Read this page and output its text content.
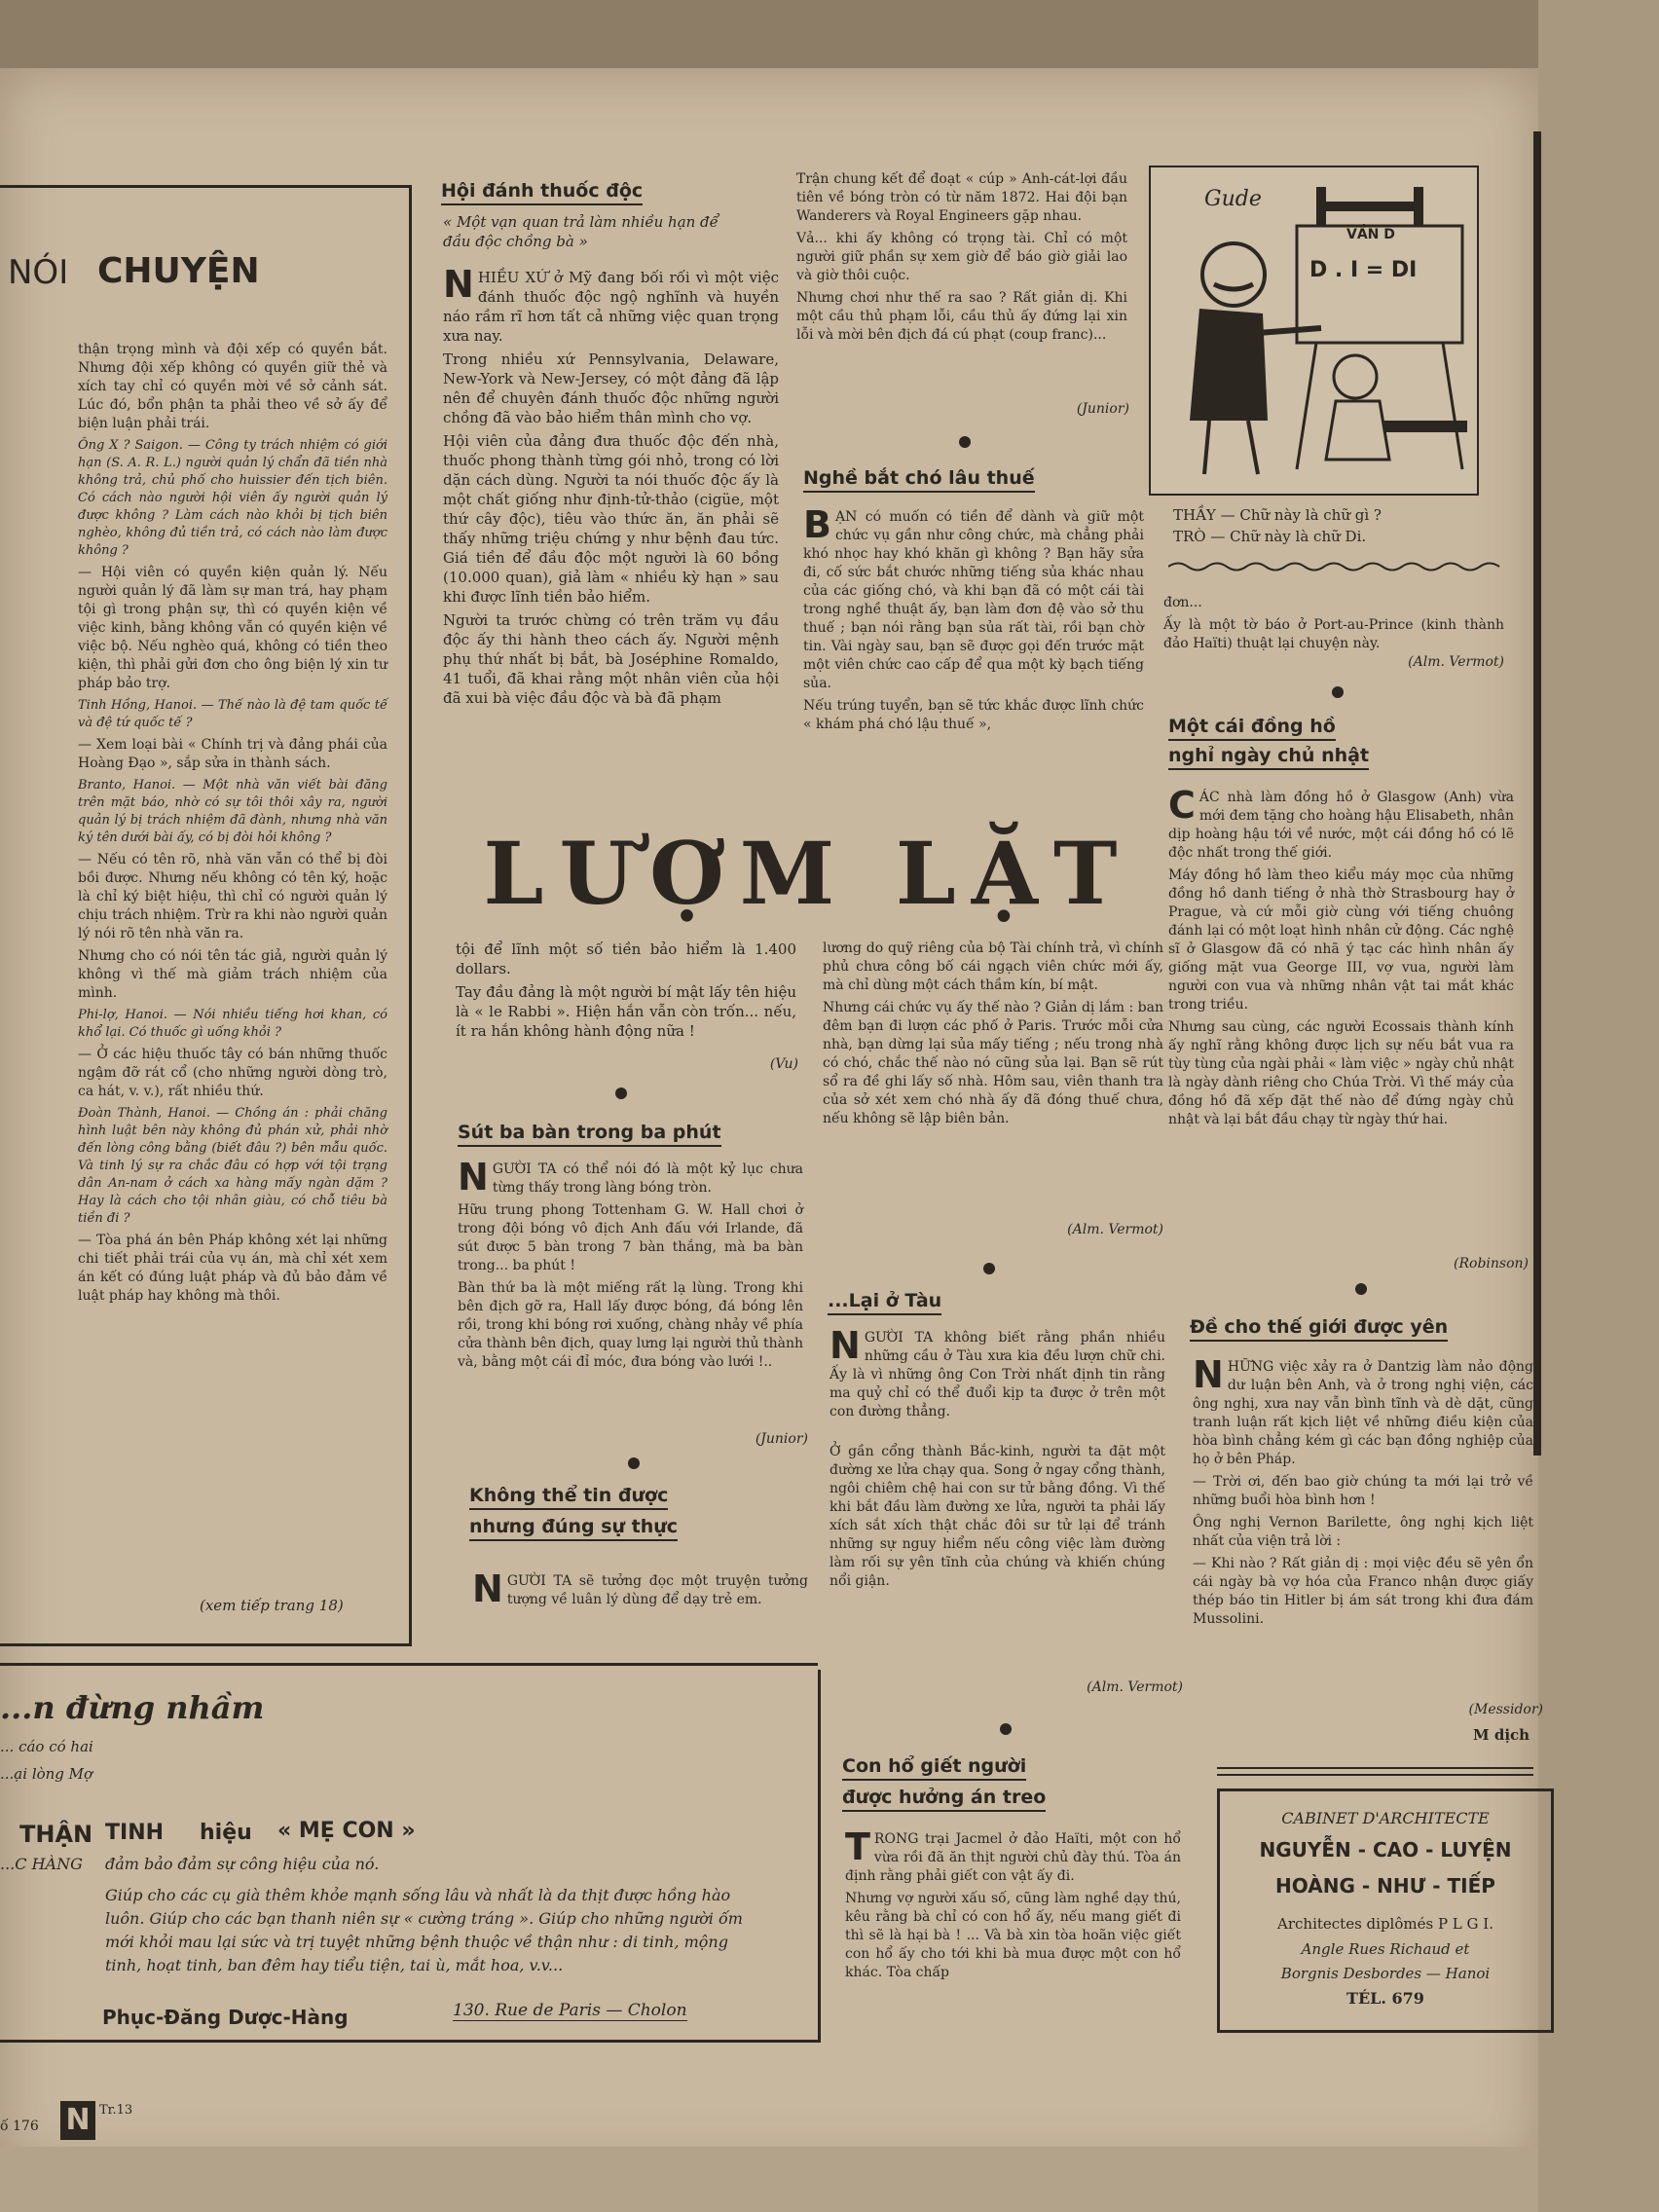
NÓI CHUYỆN

thận trọng mình và đội xếp có quyền bắt. Nhưng đội xếp không có quyền giữ thẻ và xích tay chỉ có quyền mời về sở cảnh sát. Lúc đó, bổn phận ta phải theo về sở ấy để biện luận phải trái.

Ông X ? Saigon. — Công ty trách nhiệm có giới hạn (S. A. R. L.) người quản lý chẩn đã tiền nhà không trả, chủ phố cho huissier đến tịch biên. Có cách nào người hội viên ấy người quản lý được không ? Làm cách nào khỏi bị tịch biên nghèo, không đủ tiền trả, có cách nào làm được không ?

— Hội viên có quyền kiện quản lý. Nếu người quản lý đã làm sự man trá, hay phạm tội gì trong phận sự, thì có quyền kiện về việc kinh, bằng không vẫn có quyền kiện về việc bộ. Nếu nghèo quá, không có tiền theo kiện, thì phải gửi đơn cho ông biện lý xin tư pháp bảo trợ.

Tinh Hồng, Hanoi. — Thế nào là đệ tam quốc tế và đệ tứ quốc tế ?

— Xem loại bài « Chính trị và đảng phái của Hoàng Đạo », sắp sửa in thành sách.

Branto, Hanoi. — Một nhà văn viết bài đăng trên mặt báo, nhờ có sự tôi thôi xây ra, người quản lý bị trách nhiệm đã đành, nhưng nhà văn ký tên dưới bài ấy, có bị đòi hỏi không ?

— Nếu có tên rõ, nhà văn vẫn có thể bị đòi bồi được. Nhưng nếu không có tên ký, hoặc là chỉ ký biệt hiệu, thì chỉ có người quản lý chịu trách nhiệm. Trừ ra khi nào người quản lý nói rõ tên nhà văn ra.

Nhưng cho có nói tên tác giả, người quản lý không vì thế mà giảm trách nhiệm của mình.

Phi-lợ, Hanoi. — Nói nhiều tiếng hơi khan, có khổ lại. Có thuốc gì uống khỏi ?

— Ở các hiệu thuốc tây có bán những thuốc ngậm đỡ rát cổ (cho những người dòng trò, ca hát, v. v.), rất nhiều thứ.

Đoàn Thành, Hanoi. — Chồng án : phải chăng hình luật bên này không đủ phán xử, phải nhờ đến lòng công bằng (biết đâu ?) bên mẫu quốc. Và tinh lý sự ra chắc đâu có hợp với tội trạng dân An-nam ở cách xa hàng mấy ngàn dặm ? Hay là cách cho tội nhân giàu, có chỗ tiêu bà tiền đi ?

— Tòa phá án bên Pháp không xét lại những chi tiết phải trái của vụ án, mà chỉ xét xem án kết có đúng luật pháp và đủ bảo đảm về luật pháp hay không mà thôi.

(xem tiếp trang 18)
Hội đánh thuốc độc
« Một vạn quan trả làm nhiều hạn để đầu độc chồng bà »

NHIỀU XỨ ở Mỹ đang bối rối vì một việc đánh thuốc độc ngộ nghĩnh và huyền náo rầm rĩ hơn tất cả những việc quan trọng xưa nay.

Trong nhiều xứ Pennsylvania, Delaware, New-York và New-Jersey, có một đảng đã lập nên để chuyên đánh thuốc độc những người chồng đã vào bảo hiểm thân mình cho vợ.

Hội viên của đảng đưa thuốc độc đến nhà, thuốc phong thành từng gói nhỏ, trong có lời dặn cách dùng. Người ta nói thuốc độc ấy là một chất giống như định-tử-thảo (cigüe, một thứ cây độc), tiêu vào thức ăn, ăn phải sẽ thấy những triệu chứng y như bệnh đau tức. Giá tiền để đầu độc một người là 60 bồng (10.000 quan), giả làm « nhiều kỳ hạn » sau khi được lĩnh tiền bảo hiểm.

Người ta trước chừng có trên trăm vụ đầu độc ấy thi hành theo cách ấy. Người mệnh phụ thứ nhất bị bắt, bà Joséphine Romaldo, 41 tuổi, đã khai rằng một nhân viên của hội đã xui bà việc đầu độc và bà đã phạm

Trận chung kết để đoạt « cúp » Anh-cát-lợi đầu tiên về bóng tròn có từ năm 1872. Hai đội bạn Wanderers và Royal Engineers gặp nhau.

Vả... khi ấy không có trọng tài. Chỉ có một người giữ phần sự xem giờ để báo giờ giải lao và giờ thôi cuộc.

Nhưng chơi như thế ra sao ? Rất giản dị. Khi một cầu thủ phạm lỗi, cầu thủ ấy đứng lại xin lỗi và mời bên địch đá cú phạt (coup franc)...

(Junior)
Nghề bắt chó lâu thuế

BẠN có muốn có tiền để dành và giữ một chức vụ gần như công chức, mà chẳng phải khó nhọc hay khó khăn gì không ? Bạn hãy sửa đi, cố sức bắt chước những tiếng sủa khác nhau của các giống chó, và khi bạn đã có một cái tài trong nghề thuật ấy, bạn làm đơn đệ vào sở thu thuế ; bạn nói rằng bạn sủa rất tài, rồi bạn chờ tin. Vài ngày sau, bạn sẽ được gọi đến trước mặt một viên chức cao cấp để qua một kỳ bạch tiếng sủa.

Nếu trúng tuyển, bạn sẽ tức khắc được lĩnh chức « khám phá chó lậu thuế »,

Gude
VẦN D
D . I = DI
THẦY — Chữ này là chữ gì ?
TRÒ — Chữ này là chữ Di.

đơn...

Ấy là một tờ báo ở Port-au-Prince (kinh thành đảo Haïti) thuật lại chuyện này.

(Alm. Vermot)
Một cái đồng hồ
nghỉ ngày chủ nhật

CÁC nhà làm đồng hồ ở Glasgow (Anh) vừa mới đem tặng cho hoàng hậu Elisabeth, nhân dịp hoàng hậu tới về nước, một cái đồng hồ có lẽ độc nhất trong thế giới.

Máy đồng hồ làm theo kiểu máy mọc của những đồng hồ danh tiếng ở nhà thờ Strasbourg hay ở Prague, và cứ mỗi giờ cùng với tiếng chuông đánh lại có một loạt hình nhân cử động. Các nghệ sĩ ở Glasgow đã có nhã ý tạc các hình nhân ấy giống mặt vua George III, vợ vua, người làm người con vua và những nhân vật tai mắt khác trong triều.

Nhưng sau cùng, các người Ecossais thành kính ấy nghĩ rằng không được lịch sự nếu bắt vua ra tùy tùng của ngài phải « làm việc » ngày chủ nhật là ngày dành riêng cho Chúa Trời. Vì thế máy của đồng hồ đã xếp đặt thế nào để đứng ngày chủ nhật và lại bắt đầu chạy từ ngày thứ hai.

(Robinson)
LƯỢM LẶT

tội để lĩnh một số tiền bảo hiểm là 1.400 dollars.

Tay đầu đảng là một người bí mật lấy tên hiệu là « le Rabbi ». Hiện hắn vẫn còn trốn... nếu, ít ra hắn không hành động nữa !

(Vu)

lương do quỹ riêng của bộ Tài chính trả, vì chính phủ chưa công bố cái ngạch viên chức mới ấy, mà chỉ dùng một cách thầm kín, bí mật.

Nhưng cái chức vụ ấy thế nào ? Giản dị lắm : ban đêm bạn đi lượn các phố ở Paris. Trước mỗi cửa nhà, bạn dừng lại sủa mấy tiếng ; nếu trong nhà có chó, chắc thế nào nó cũng sủa lại. Bạn sẽ rút sổ ra đề ghi lấy số nhà. Hôm sau, viên thanh tra của sở xét xem chó nhà ấy đã đóng thuế chưa, nếu không sẽ lập biên bản.

(Alm. Vermot)
Sút ba bàn trong ba phút

NGƯỜI TA có thể nói đó là một kỷ lục chưa từng thấy trong làng bóng tròn.

Hữu trung phong Tottenham G. W. Hall chơi ở trong đội bóng vô địch Anh đấu với Irlande, đã sút được 5 bàn trong 7 bàn thắng, mà ba bàn trong... ba phút !

Bàn thứ ba là một miếng rất lạ lùng. Trong khi bên địch gỡ ra, Hall lấy được bóng, đá bóng lên rồi, trong khi bóng rơi xuống, chàng nhảy về phía cửa thành bên địch, quay lưng lại người thủ thành và, bằng một cái đỉ móc, đưa bóng vào lưới !..

(Junior)
...Lại ở Tàu

NGƯỜI TA không biết rằng phần nhiều những cầu ở Tàu xưa kia đều lượn chữ chi. Ấy là vì những ông Con Trời nhất định tin rằng ma quỷ chỉ có thể đuổi kịp ta được ở trên một con đường thẳng.

Ở gần cổng thành Bắc-kinh, người ta đặt một đường xe lửa chạy qua. Song ở ngay cổng thành, ngôi chiêm chệ hai con sư tử bằng đồng. Vì thế khi bắt đầu làm đường xe lửa, người ta phải lấy xích sắt xích thật chắc đôi sư tử lại để tránh những sự nguy hiểm nếu công việc làm đường làm rối sự yên tĩnh của chúng và khiến chúng nổi giận.

(Alm. Vermot)
Không thể tin được
nhưng đúng sự thực

NGƯỜI TA sẽ tưởng đọc một truyện tưởng tượng về luân lý dùng để dạy trẻ em.

Đề cho thế giới được yên

NHỮNG việc xảy ra ở Dantzig làm nảo động dư luận bên Anh, và ở trong nghị viện, các ông nghị, xưa nay vẫn bình tĩnh và dè dặt, cũng tranh luận rất kịch liệt về những điều kiện của hòa bình chẳng kém gì các bạn đồng nghiệp của họ ở bên Pháp.

— Trời ơi, đến bao giờ chúng ta mới lại trở về những buổi hòa bình hơn !

Ông nghị Vernon Barilette, ông nghị kịch liệt nhất của viện trả lời :

— Khi nào ? Rất giản dị : mọi việc đều sẽ yên ổn cái ngày bà vợ hóa của Franco nhận được giấy thép báo tin Hitler bị ám sát trong khi đưa đám Mussolini.

(Messidor)
M dịch
Con hổ giết người
được hưởng án treo

TRONG trại Jacmel ở đảo Haïti, một con hổ vừa rồi đã ăn thịt người chủ đày thú. Tòa án định rằng phải giết con vật ấy đi.

Nhưng vợ người xấu số, cũng làm nghề dạy thú, kêu rằng bà chỉ có con hổ ấy, nếu mang giết đi thì sẽ là hại bà ! ... Và bà xin tòa hoãn việc giết con hổ ấy cho tới khi bà mua được một con hổ khác. Tòa chấp

...n đừng nhầm
... cáo có hai
...ại lòng Mợ
THẬN
...C HÀNG
TINH hiệu « MẸ CON »
đảm bảo đảm sự công hiệu của nó.
Giúp cho các cụ già thêm khỏe mạnh sống lâu và nhất là da thịt được hồng hào luôn. Giúp cho các bạn thanh niên sự « cường tráng ». Giúp cho những người ốm mới khỏi mau lại sức và trị tuyệt những bệnh thuộc về thận như : di tinh, mộng tinh, hoạt tinh, ban đêm hay tiểu tiện, tai ù, mắt hoa, v.v...
Phục-Đăng Dược-Hàng	130. Rue de Paris — Cholon
CABINET D'ARCHITECTE
NGUYỄN - CAO - LUYỆN
HOÀNG - NHƯ - TIẾP
Architectes diplômés P L G I.
Angle Rues Richaud et
Borgnis Desbordes — Hanoi
TÉL. 679
ố 176 N Tr.13
